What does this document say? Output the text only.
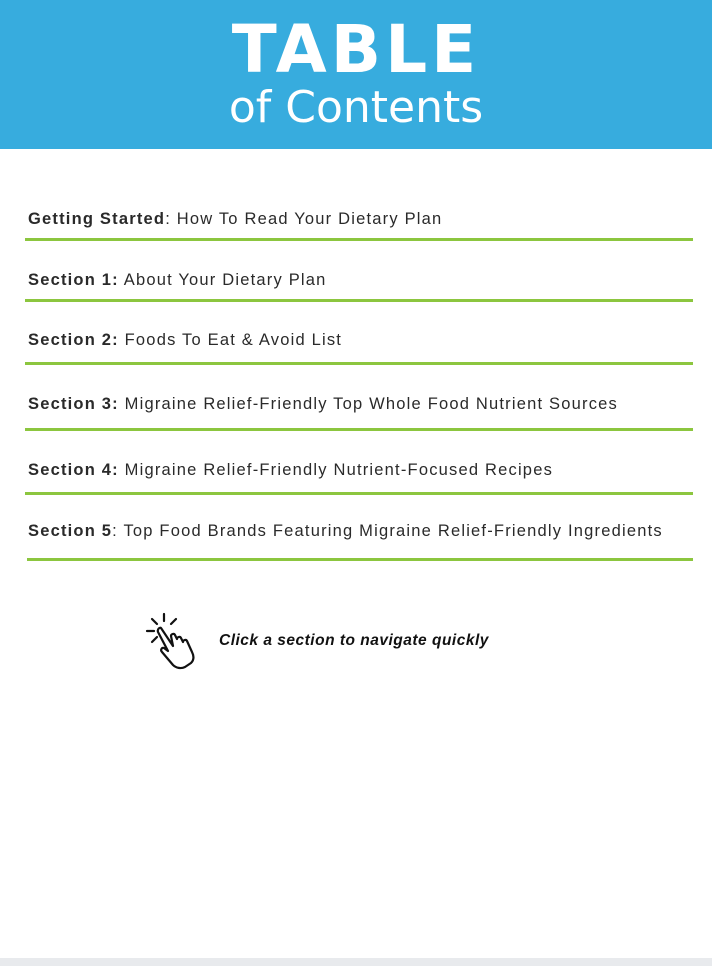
TABLE
of Contents
Getting Started: How To Read Your Dietary Plan
Section 1: About Your Dietary Plan
Section 2: Foods To Eat & Avoid List
Section 3: Migraine Relief-Friendly Top Whole Food Nutrient Sources
Section 4: Migraine Relief-Friendly Nutrient-Focused Recipes
Section 5: Top Food Brands Featuring Migraine Relief-Friendly Ingredients
Click a section to navigate quickly
